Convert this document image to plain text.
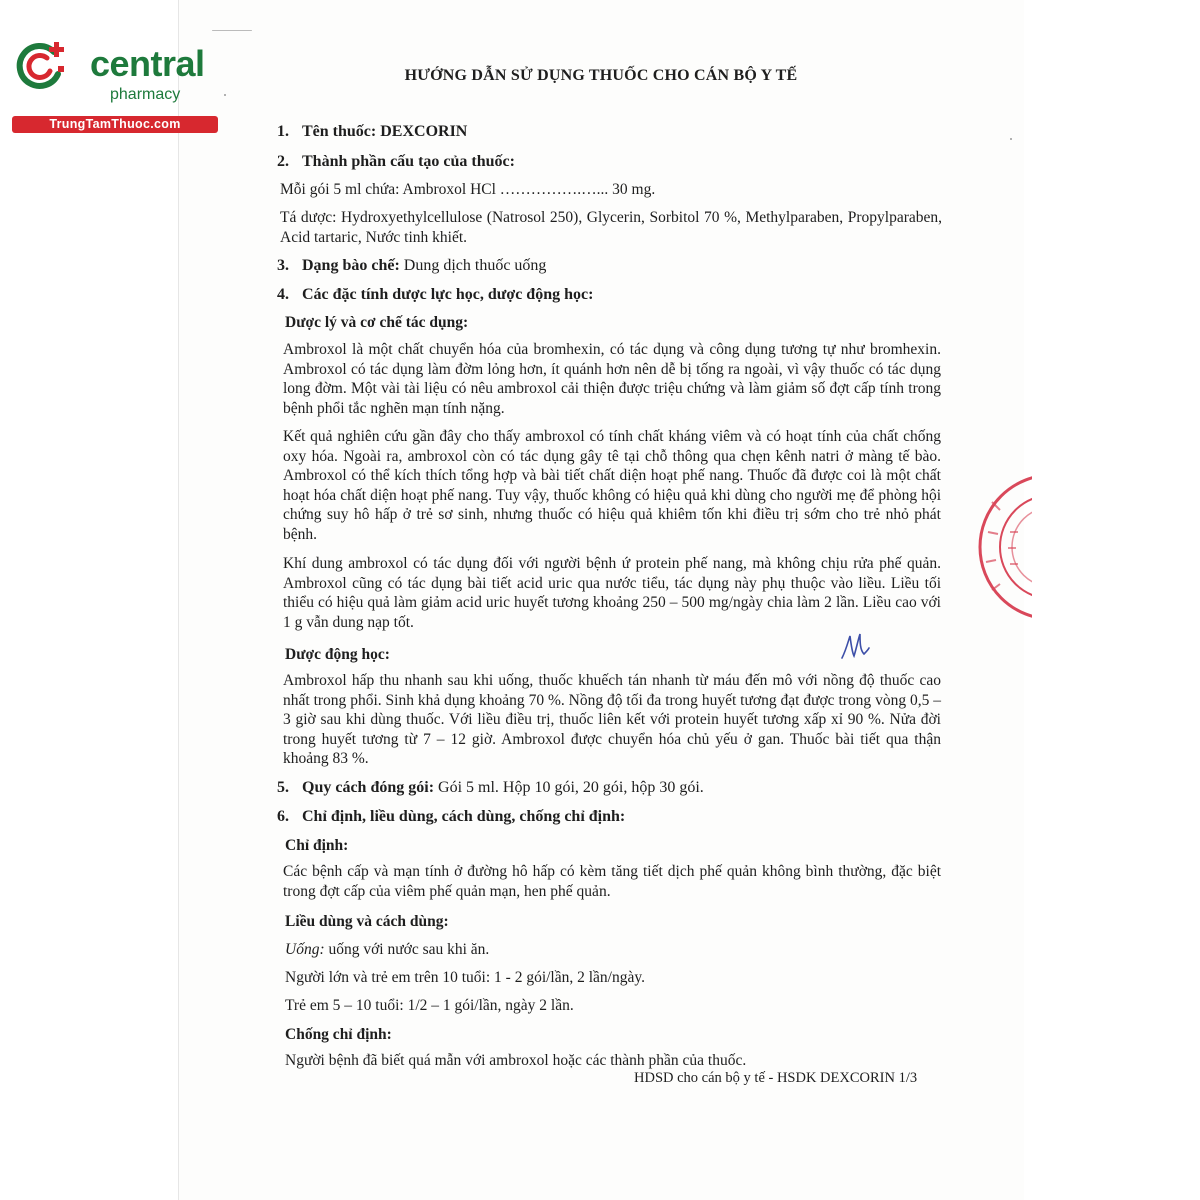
central
pharmacy
TrungTamThuoc.com
HƯỚNG DẪN SỬ DỤNG THUỐC CHO CÁN BỘ Y TẾ
1. Tên thuốc: DEXCORIN
2. Thành phần cấu tạo của thuốc:
Mỗi gói 5 ml chứa: Ambroxol HCl …………….…... 30 mg.
Tá dược: Hydroxyethylcellulose (Natrosol 250), Glycerin, Sorbitol 70 %, Methylparaben, Propylparaben, Acid tartaric, Nước tinh khiết.
3. Dạng bào chế: Dung dịch thuốc uống
4. Các đặc tính dược lực học, dược động học:
Dược lý và cơ chế tác dụng:
Ambroxol là một chất chuyển hóa của bromhexin, có tác dụng và công dụng tương tự như bromhexin. Ambroxol có tác dụng làm đờm lỏng hơn, ít quánh hơn nên dễ bị tống ra ngoài, vì vậy thuốc có tác dụng long đờm. Một vài tài liệu có nêu ambroxol cải thiện được triệu chứng và làm giảm số đợt cấp tính trong bệnh phổi tắc nghẽn mạn tính nặng.
Kết quả nghiên cứu gần đây cho thấy ambroxol có tính chất kháng viêm và có hoạt tính của chất chống oxy hóa. Ngoài ra, ambroxol còn có tác dụng gây tê tại chỗ thông qua chẹn kênh natri ở màng tế bào. Ambroxol có thể kích thích tổng hợp và bài tiết chất diện hoạt phế nang. Thuốc đã được coi là một chất hoạt hóa chất diện hoạt phế nang. Tuy vậy, thuốc không có hiệu quả khi dùng cho người mẹ để phòng hội chứng suy hô hấp ở trẻ sơ sinh, nhưng thuốc có hiệu quả khiêm tốn khi điều trị sớm cho trẻ nhỏ phát bệnh.
Khí dung ambroxol có tác dụng đối với người bệnh ứ protein phế nang, mà không chịu rửa phế quản. Ambroxol cũng có tác dụng bài tiết acid uric qua nước tiểu, tác dụng này phụ thuộc vào liều. Liều tối thiểu có hiệu quả làm giảm acid uric huyết tương khoảng 250 – 500 mg/ngày chia làm 2 lần. Liều cao với 1 g vẫn dung nạp tốt.
Dược động học:
Ambroxol hấp thu nhanh sau khi uống, thuốc khuếch tán nhanh từ máu đến mô với nồng độ thuốc cao nhất trong phổi. Sinh khả dụng khoảng 70 %. Nồng độ tối đa trong huyết tương đạt được trong vòng 0,5 – 3 giờ sau khi dùng thuốc. Với liều điều trị, thuốc liên kết với protein huyết tương xấp xỉ 90 %. Nửa đời trong huyết tương từ 7 – 12 giờ. Ambroxol được chuyển hóa chủ yếu ở gan. Thuốc bài tiết qua thận khoảng 83 %.
5. Quy cách đóng gói: Gói 5 ml. Hộp 10 gói, 20 gói, hộp 30 gói.
6. Chỉ định, liều dùng, cách dùng, chống chỉ định:
Chỉ định:
Các bệnh cấp và mạn tính ở đường hô hấp có kèm tăng tiết dịch phế quản không bình thường, đặc biệt trong đợt cấp của viêm phế quản mạn, hen phế quản.
Liều dùng và cách dùng:
Uống: uống với nước sau khi ăn.
Người lớn và trẻ em trên 10 tuổi: 1 - 2 gói/lần, 2 lần/ngày.
Trẻ em 5 – 10 tuổi: 1/2 – 1 gói/lần, ngày 2 lần.
Chống chỉ định:
Người bệnh đã biết quá mẫn với ambroxol hoặc các thành phần của thuốc.
HDSD cho cán bộ y tế - HSDK DEXCORIN 1/3
